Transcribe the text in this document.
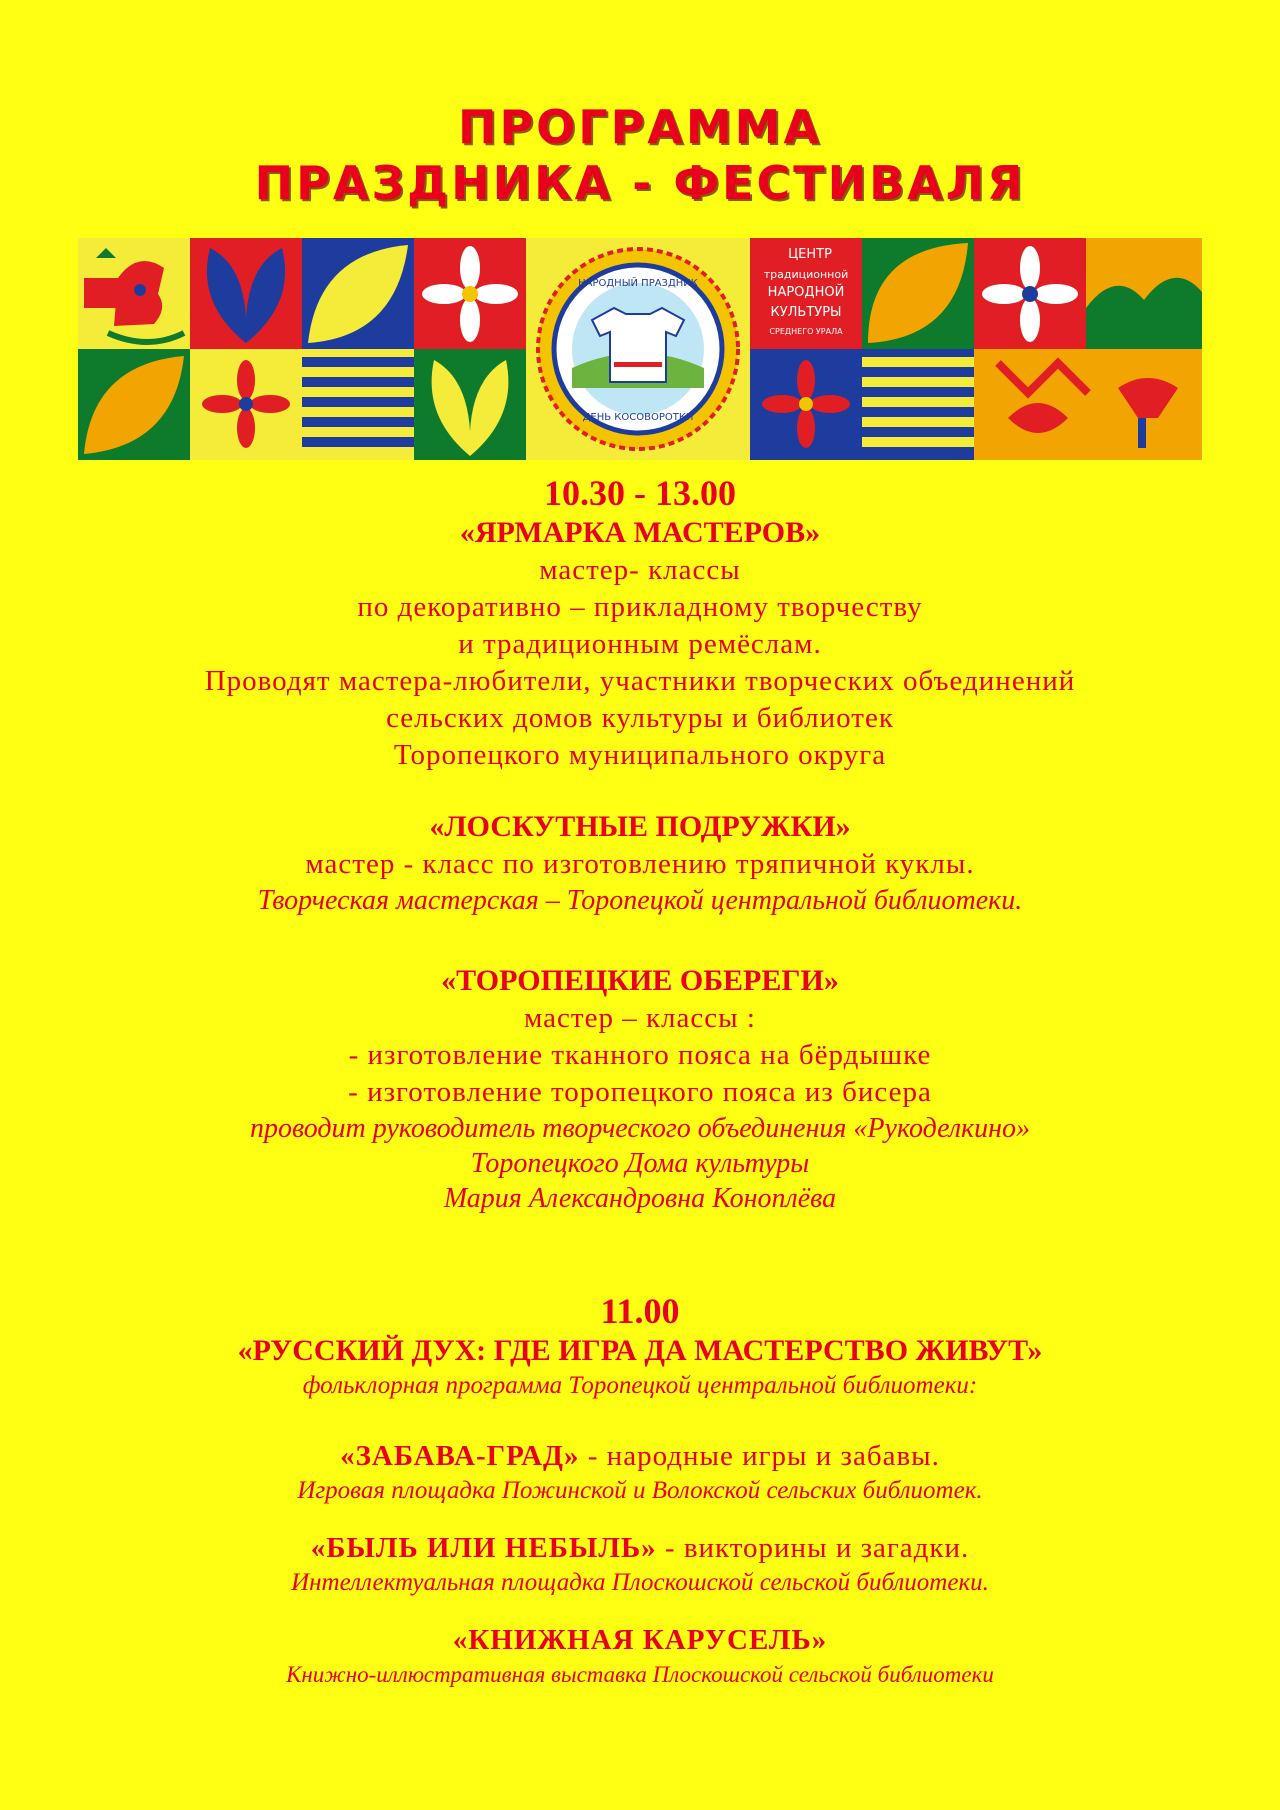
ПРОГРАММА
ПРАЗДНИКА - ФЕСТИВАЛЯ
НАРОДНЫЙ ПРАЗДНИК
ДЕНЬ КОСОВОРОТКИ
ЦЕНТР
традиционной
НАРОДНОЙ
КУЛЬТУРЫ
СРЕДНЕГО УРАЛА
10.30 - 13.00
«ЯРМАРКА МАСТЕРОВ»
мастер- классы
по декоративно – прикладному творчеству
и традиционным ремёслам.
Проводят мастера-любители, участники творческих объединений
сельских домов культуры и библиотек
Торопецкого муниципального округа
«ЛОСКУТНЫЕ ПОДРУЖКИ»
мастер - класс по изготовлению тряпичной куклы.
Творческая мастерская – Торопецкой центральной библиотеки.
«ТОРОПЕЦКИЕ ОБЕРЕГИ»
мастер – классы :
- изготовление тканного пояса на бёрдышке
- изготовление торопецкого пояса из бисера
проводит руководитель творческого объединения «Рукоделкино»
Торопецкого Дома культуры
Мария Александровна Коноплёва
11.00
«РУССКИЙ ДУХ: ГДЕ ИГРА ДА МАСТЕРСТВО ЖИВУТ»
фольклорная программа Торопецкой центральной библиотеки:
«ЗАБАВА-ГРАД» - народные игры и забавы.
Игровая площадка Пожинской и Волокской сельских библиотек.
«БЫЛЬ ИЛИ НЕБЫЛЬ» - викторины и загадки.
Интеллектуальная площадка Плоскошской сельской библиотеки.
«КНИЖНАЯ КАРУСЕЛЬ»
Книжно-иллюстративная выставка Плоскошской сельской библиотеки
